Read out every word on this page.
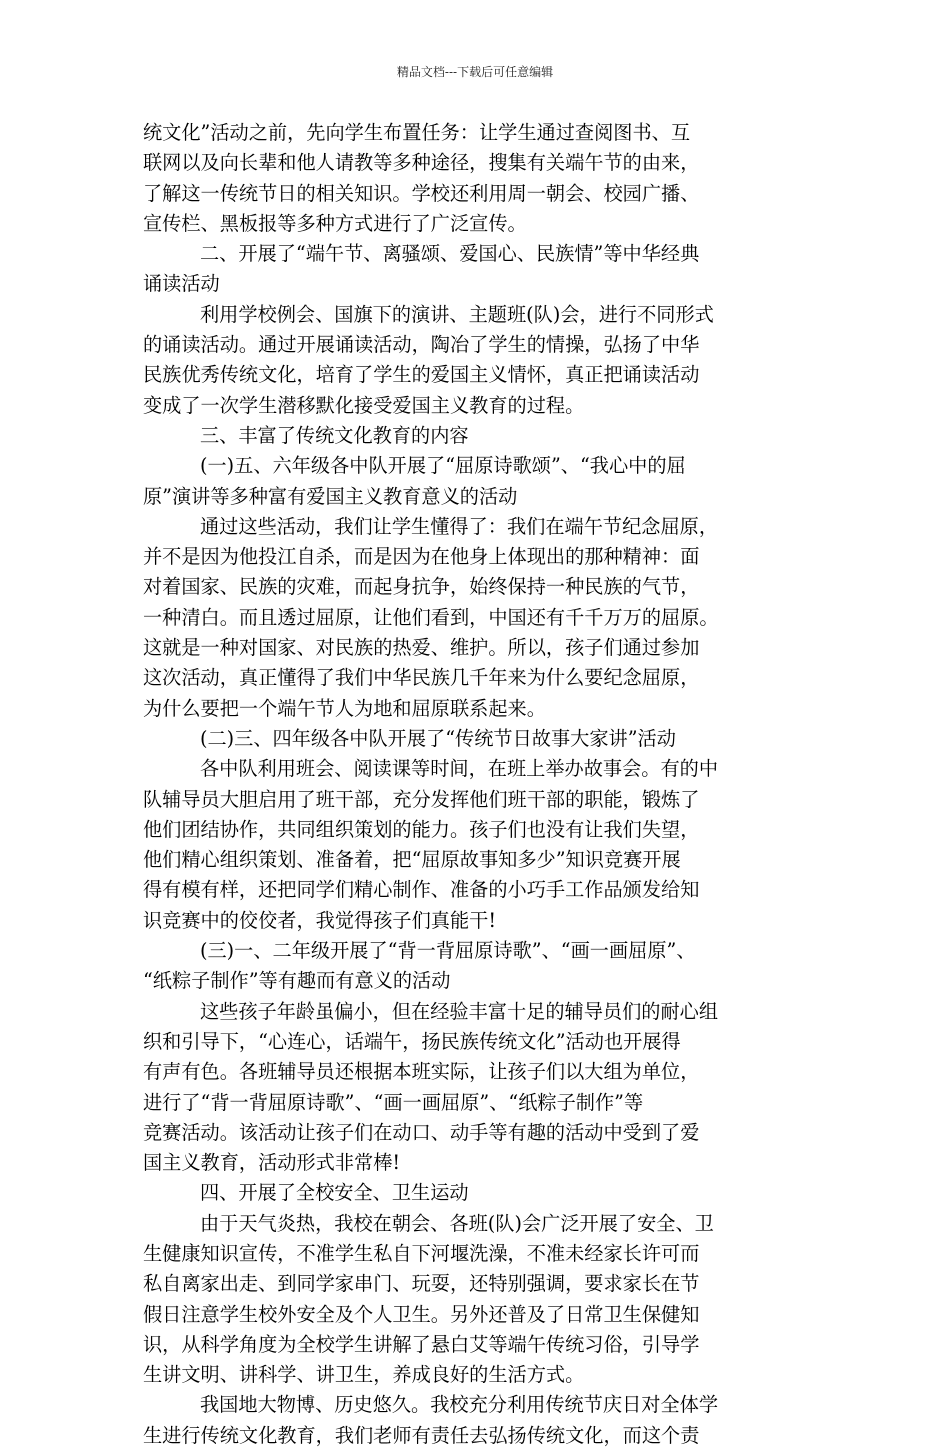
精品文档---下载后可任意编辑
统文化”活动之前，先向学生布置任务：让学生通过查阅图书、互
联网以及向长辈和他人请教等多种途径，搜集有关端午节的由来，
了解这一传统节日的相关知识。学校还利用周一朝会、校园广播、
宣传栏、黑板报等多种方式进行了广泛宣传。
二、开展了“端午节、离骚颂、爱国心、民族情”等中华经典
诵读活动
利用学校例会、国旗下的演讲、主题班(队)会，进行不同形式
的诵读活动。通过开展诵读活动，陶冶了学生的情操，弘扬了中华
民族优秀传统文化，培育了学生的爱国主义情怀，真正把诵读活动
变成了一次学生潜移默化接受爱国主义教育的过程。
三、丰富了传统文化教育的内容
(一)五、六年级各中队开展了“屈原诗歌颂”、“我心中的屈
原”演讲等多种富有爱国主义教育意义的活动
通过这些活动，我们让学生懂得了：我们在端午节纪念屈原，
并不是因为他投江自杀，而是因为在他身上体现出的那种精神：面
对着国家、民族的灾难，而起身抗争，始终保持一种民族的气节，
一种清白。而且透过屈原，让他们看到，中国还有千千万万的屈原。
这就是一种对国家、对民族的热爱、维护。所以，孩子们通过参加
这次活动，真正懂得了我们中华民族几千年来为什么要纪念屈原，
为什么要把一个端午节人为地和屈原联系起来。
(二)三、四年级各中队开展了“传统节日故事大家讲”活动
各中队利用班会、阅读课等时间，在班上举办故事会。有的中
队辅导员大胆启用了班干部，充分发挥他们班干部的职能，锻炼了
他们团结协作，共同组织策划的能力。孩子们也没有让我们失望，
他们精心组织策划、准备着，把“屈原故事知多少”知识竞赛开展
得有模有样，还把同学们精心制作、准备的小巧手工作品颁发给知
识竞赛中的佼佼者，我觉得孩子们真能干!
(三)一、二年级开展了“背一背屈原诗歌”、“画一画屈原”、
“纸粽子制作”等有趣而有意义的活动
这些孩子年龄虽偏小，但在经验丰富十足的辅导员们的耐心组
织和引导下，“心连心，话端午，扬民族传统文化”活动也开展得
有声有色。各班辅导员还根据本班实际，让孩子们以大组为单位，
进行了“背一背屈原诗歌”、“画一画屈原”、“纸粽子制作”等
竞赛活动。该活动让孩子们在动口、动手等有趣的活动中受到了爱
国主义教育，活动形式非常棒!
四、开展了全校安全、卫生运动
由于天气炎热，我校在朝会、各班(队)会广泛开展了安全、卫
生健康知识宣传，不准学生私自下河堰洗澡，不准未经家长许可而
私自离家出走、到同学家串门、玩耍，还特别强调，要求家长在节
假日注意学生校外安全及个人卫生。另外还普及了日常卫生保健知
识，从科学角度为全校学生讲解了悬白艾等端午传统习俗，引导学
生讲文明、讲科学、讲卫生，养成良好的生活方式。
我国地大物博、历史悠久。我校充分利用传统节庆日对全体学
生进行传统文化教育，我们老师有责任去弘扬传统文化，而这个责
